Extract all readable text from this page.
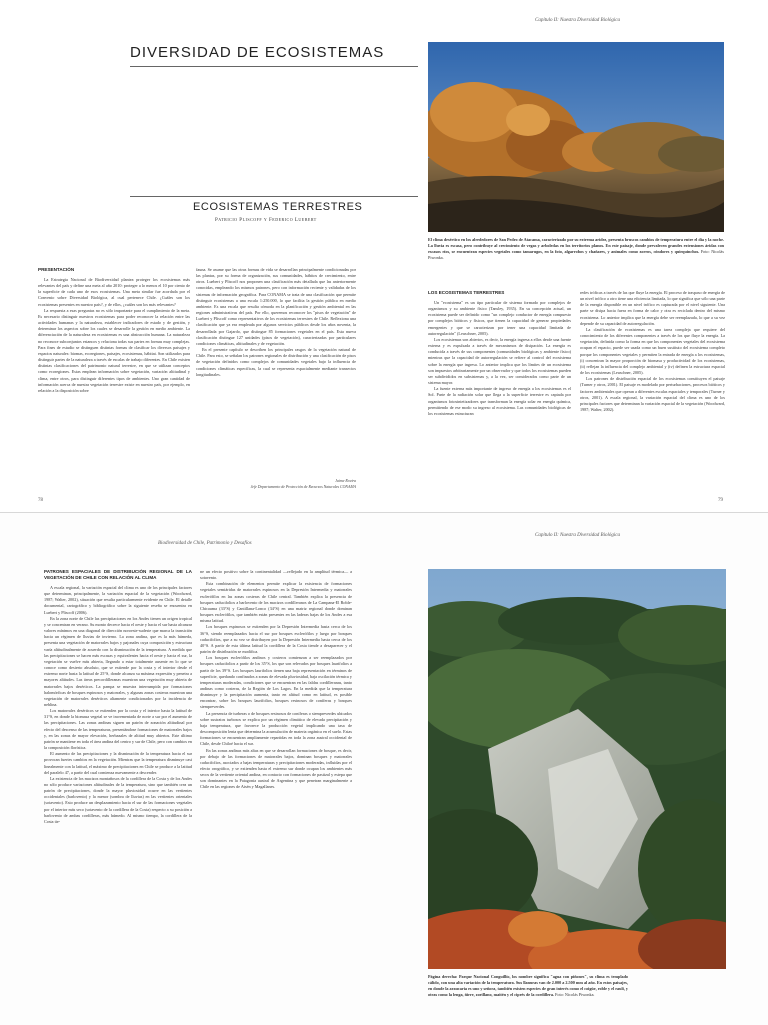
Capítulo II: Nuestra Diversidad Biológica
DIVERSIDAD DE ECOSISTEMAS
ECOSISTEMAS TERRESTRES
Patricio Pliscoff y Federico Luebert
PRESENTACIÓN

La Estrategia Nacional de Biodiversidad plantea proteger los ecosistemas más relevantes del país y define una meta al año 2010: proteger a lo menos el 10 por ciento de la superficie de cada uno de esos ecosistemas. Una meta similar fue acordada por el Convenio sobre Diversidad Biológica, al cual pertenece Chile. ¿Cuáles son los ecosistemas presentes en nuestro país?, y de ellos, ¿cuáles son los más relevantes?

La respuesta a esas preguntas no es sólo importante para el cumplimiento de la meta. Es necesario distinguir nuestros ecosistemas para poder reconocer la relación entre las actividades humanas y la naturaleza, establecer indicadores de estado y de gestión, y determinar los aspectos sobre los cuales se desarrolle la gestión en medio ambiente. La diferenciación de la naturaleza en ecosistemas es una abstracción humana. La naturaleza no reconoce subconjuntos estancos y relaciona todas sus partes en formas muy complejas. Para fines de estudio se distinguen distintas formas de clasificar los diversos paisajes y espacios naturales: biomas, ecoregiones, paisajes, ecosistemas, hábitat. Son utilizados para distinguir partes de la naturaleza a través de escalas de trabajo diferentes. En Chile existen distintas clasificaciones del patrimonio natural terrestre, en que se utilizan conceptos como ecoregiones. Estas emplean información sobre vegetación, variación altitudinal y clima, entre otros, para distinguir diferentes tipos de ambientes. Uno gran cantidad de información acerca de nuestra vegetación terrestre existe en nuestro país, por ejemplo, en relación a la disposición sobre

fauna. Se asume que las otras formas de vida se desarrollan principalmente condicionadas por las plantas, por su forma de organización, sus comunidades, hábitos de crecimiento, entre otros. Luebert y Pliscoff nos proponen una clasificación más detallada que las anteriormente conocidas, empleando los mismos patrones, pero con información reciente y validadas de los sistemas de información geográfica. Para CONAMA se trata de una clasificación que permite distinguir ecosistemas a una escala 1:250.000, lo que facilita la gestión pública en medio ambiente. Es una escala que resulta cómoda en la planificación y gestión ambiental en las regiones administrativas del país. Por ello, queremos reconocer los "pisos de vegetación" de Luebert y Pliscoff como representativos de los ecosistemas terrestres de Chile. Reflexiona una clasificación que ya era empleada por algunos servicios públicos desde los años noventa, la desarrollada por Gajardo, que distingue 85 formaciones vegetales en el país. Esta nueva clasificación distingue 127 unidades (pisos de vegetación), caracterizadas por particulares condiciones climáticas, altitudinales y de vegetación.

En el presente capítulo se describen los principales rasgos de la vegetación natural de Chile. Para esto, se señalan los patrones regionales de distribución y una clasificación de pisos de vegetación definidos como complejos de comunidades vegetales bajo la influencia de condiciones climáticas específicas, la cual se representa espacialmente mediante transectos longitudinales.

Jaime Rovira
Jefe Departamento de Protección de Recursos Naturales CONAMA
78
El clima desértico en los alrededores de San Pedro de Atacama, caracterizado por su extrema aridez, presenta bruscos cambios de temperatura entre el día y la noche. La lluvia es escasa, pero contribuye al crecimiento de vegas y arboledas en los territorios planos. En este paisaje, donde prevalecen grandes extensiones áridas con escasos ríos, se encuentran especies vegetales como tamarugos, en la foto, algarrobos y chañares, y animales como zorros, cóndores y quirquinchos. Foto: Nicolás Piwonka.
LOS ECOSISTEMAS TERRESTRES

Un "ecosistema" es un tipo particular de sistema formado por complejos de organismos y su ambiente físico (Tansley, 1935). En su concepción actual, un ecosistema puede ser definido como "un complejo conductor de energía compuesto por complejos bióticos y físicos, que tienen la capacidad de generar propiedades emergentes y que se caracterizan por tener una capacidad limitada de autorregulación" (Leuschner, 2005).

Los ecosistemas son abiertos, es decir, la energía ingresa a ellos desde una fuente externa y es expulsada a través de mecanismos de disipación. La energía es conducida a través de sus componentes (comunidades biológicas y ambiente físico) mientras que la capacidad de autorregulación se refiere al control del ecosistema sobre la energía que ingresa. Lo anterior implica que los límites de un ecosistema son impuestos arbitrariamente por un observador y que todos los ecosistemas pueden ser subdivididos en subsistemas y, a la vez, ser considerados como parte de un sistema mayor.

La fuente externa más importante de ingreso de energía a los ecosistemas es el Sol. Parte de la radiación solar que llega a la superficie terrestre es captada por organismos fotosintetizadores que transforman la energía solar en energía química, permitiendo de ese modo su ingreso al ecosistema. Las comunidades biológicas de los ecosistemas estructuran

redes tróficas a través de las que fluye la energía. El proceso de traspaso de energía de un nivel trófico a otro tiene una eficiencia limitada, lo que significa que sólo una parte de la energía disponible en un nivel trófico es capturada por el nivel siguiente. Una parte se disipa hacia fuera en forma de calor y otra es reciclada dentro del mismo ecosistema. Lo anterior implica que la energía debe ser reemplazada, lo que a su vez depende de su capacidad de autorregulación.

La clasificación de ecosistemas es una tarea compleja que requiere del conocimiento de los diferentes componentes a través de los que fluye la energía. La vegetación, definida como la forma en que los componentes vegetales del ecosistema ocupan el espacio, puede ser usada como un buen sustituto del ecosistema completo porque los componentes vegetales y permiten la entrada de energía a los ecosistemas, (i) concentran la mayor proporción de biomasa y productividad de los ecosistemas, (ii) reflejan la influencia del complejo ambiental y (iv) definen la estructura espacial de los ecosistemas (Leuschner, 2005).

Los patrones de distribución espacial de los ecosistemas constituyen el paisaje (Turner y otros, 2001). El paisaje es modelado por perturbaciones, procesos bióticos y factores ambientales que operan a diferentes escalas espaciales y temporales (Turner y otros, 2001). A escala regional, la variación espacial del clima es uno de los principales factores que determinan la variación espacial de la vegetación (Woodward, 1987; Walter, 2002).

79
Biodiversidad de Chile, Patrimonio y Desafíos
Capítulo II: Nuestra Diversidad Biológica
PATRONES ESPACIALES DE DISTRIBUCIÓN REGIONAL DE LA VEGETACIÓN DE CHILE CON RELACIÓN AL CLIMA

A escala regional, la variación espacial del clima es uno de los principales factores que determinan, principalmente, la variación espacial de la vegetación (Woodward, 1987; Walter, 2002), situación que resulta particularmente evidente en Chile. El detalle documental, cartográfico y bibliográfico sobre la siguiente reseña se encuentra en Luebert y Pliscoff (2006).

En la zona norte de Chile las precipitaciones en los Andes tienen un origen tropical y se concentran en verano. Su monto decrece hacia el oeste y hacia el sur hasta alcanzar valores mínimos en una diagonal de dirección noroeste-sudeste que marca la transición hacia un régimen de lluvias de invierno. La zona andina, que es la más húmeda, presenta una vegetación de matorrales bajos y pajonales cuya composición y estructura varía altitudinalmente de acuerdo con la disminución de la temperatura. A medida que las precipitaciones se hacen más escasas y equivalentes hacia el oeste y hacia el sur, la vegetación se vuelve más abierta, llegando a estar totalmente ausente en lo que se conoce como desierto absoluto, que se extiende por la costa y el interior desde el extremo norte hasta la latitud de 25°S, donde alcanza su máxima expresión y penetra a mayores altitudes. Las áreas precordilleranas muestran una vegetación muy abierta de matorrales bajos desérticos. La pampa se muestra interrumpida por formaciones halomórficas de bosques espinosos y matorrales, y algunas zonas costeras muestran una vegetación de matorrales desérticos altamente condicionados por la incidencia de neblina.

Los matorrales desérticos se extienden por la costa y el interior hasta la latitud de 31°S, en donde la biomasa vegetal se ve incrementada de norte a sur por el aumento de las precipitaciones. Las zonas andinas siguen un patrón de zonación altitudinal por efecto del descenso de las temperaturas, presentándose formaciones de matorrales bajos y, en las zonas de mayor elevación, herbazales de altitud muy abiertos. Este último patrón se mantiene en toda el área andina del centro y sur de Chile, pero con cambios en la composición florística.

El aumento de las precipitaciones y la disminución de la temperatura hacia el sur provocan fuertes cambios en la vegetación. Mientras que la temperatura disminuye casi linealmente con la latitud, el máximo de precipitaciones en Chile se produce a la latitud del paralelo 47, a partir del cual comienza nuevamente a descender.

La existencia de los macizos montañosos de la cordillera de la Costa y de los Andes no sólo produce variaciones altitudinales de la temperatura, sino que también crea un patrón de precipitaciones, donde la mayor pluviosidad ocurre en las vertientes occidentales (barlovento) y la menor (sombra de lluvias) en las vertientes orientales (sotavento). Esto produce un desplazamiento hacia el sur de las formaciones vegetales por el interior más seco (sotavento de la cordillera de la Costa) respecto a su posición a barlovento de ambas cordilleras, más húmedo. Al mismo tiempo, la cordillera de la Costa tie-

ne un efecto positivo sobre la continentalidad —reflejado en la amplitud térmica— a sotavento.

Esta combinación de elementos permite explicar la existencia de formaciones vegetales semiáridas de matorrales espinosos en la Depresión Intermedia y matorrales esclerófilos en las zonas costeras de Chile central. También explica la presencia de bosques caducifolios a barlovento de los macizos cordilleranos de La Campana-El Roble-Chicauma (33°S) y Cantillana-Lonco (34°S) en una matriz regional donde dominan bosques esclerófilos, que también están presentes en las laderas bajas de los Andes a esa misma latitud.

Los bosques espinosos se extienden por la Depresión Intermedia hasta cerca de los 36°S, siendo reemplazados hacia el sur por bosques esclerófilos y luego por bosques caducifolios, que a su vez se distribuyen por la Depresión Intermedia hasta cerca de los 40°S. A partir de esta última latitud la cordillera de la Costa tiende a desaparecer y el patrón de distribución se modifica.

Los bosques esclerófilos andinos y costeros comienzan a ser reemplazados por bosques caducifolios a partir de los 35°S, los que son relevados por bosques laurifolios a partir de los 39°S. Los bosques laurifolios tienen una baja representación en términos de superficie, quedando confinados a zonas de elevada pluviosidad, baja oscilación térmica y temperaturas moderadas, condiciones que se encuentran en las faldas cordilleranas, tanto andinas como costeras, de la Región de Los Lagos. En la medida que la temperatura disminuye y la precipitación aumenta, tanto en altitud como en latitud, es posible encontrar, sobre los bosques laurifolios, bosques resinosos de coníferas y bosques siempreverdes.

La presencia de turberas o de bosques resinosos de coníferas o siempreverdes ubicados sobre sustratos turbosos se explica por un régimen climático de elevada precipitación y baja temperatura, que favorece la producción vegetal implicando una tasa de descomposición lenta que determina la acumulación de materia orgánica en el suelo. Estas formaciones se encuentran ampliamente repartidas en toda la zona austral occidental de Chile, desde Chiloé hacia el sur.

En las zonas andinas más altas en que se desarrollan formaciones de bosque, es decir, por debajo de las formaciones de matorrales bajos, dominan bosques y matorrales caducifolios, asociados a bajas temperaturas y precipitaciones moderadas, influidas por el efecto orográfico, y se extienden hasta el extremo sur donde ocupan los ambientes más secos de la vertiente oriental andina, en contacto con formaciones de pastizal y estepa que son dominantes en la Patagonia austral de Argentina y que penetran marginalmente a Chile en las regiones de Aisén y Magallanes.

Página derecha: Parque Nacional Conguillío, los nombre significa "agua con piñones", su clima es templado cálido, con una alta variación de la temperatura. Sus llanuras van de 2.000 a 2.500 mm al año. En estos paisajes, en donde la araucaria es uno y señora, también existen especies de gran interés como el coigüe, roble y el raulí, y otras como la lenga, ñirre, zorillano, maitén y el ciprés de la cordillera. Foto: Nicolás Piwonka.
